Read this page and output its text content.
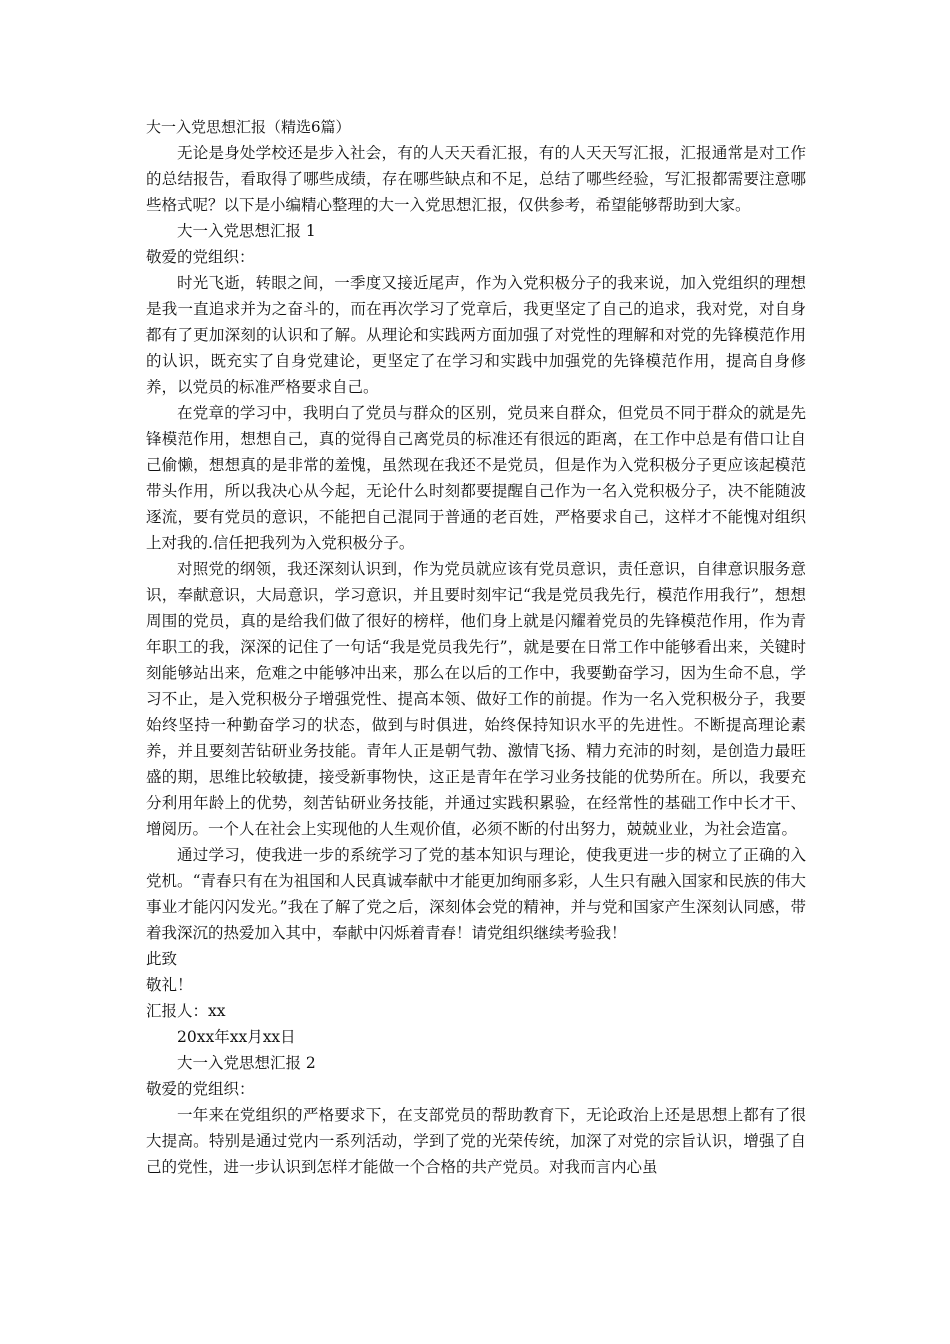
大一入党思想汇报（精选6篇）

无论是身处学校还是步入社会，有的人天天看汇报，有的人天天写汇报，汇报通常是对工作的总结报告，看取得了哪些成绩，存在哪些缺点和不足，总结了哪些经验，写汇报都需要注意哪些格式呢？以下是小编精心整理的大一入党思想汇报，仅供参考，希望能够帮助到大家。

大一入党思想汇报 1

敬爱的党组织：

时光飞逝，转眼之间，一季度又接近尾声，作为入党积极分子的我来说，加入党组织的理想是我一直追求并为之奋斗的，而在再次学习了党章后，我更坚定了自己的追求，我对党，对自身都有了更加深刻的认识和了解。从理论和实践两方面加强了对党性的理解和对党的先锋模范作用的认识，既充实了自身党建论，更坚定了在学习和实践中加强党的先锋模范作用，提高自身修养，以党员的标准严格要求自己。

在党章的学习中，我明白了党员与群众的区别，党员来自群众，但党员不同于群众的就是先锋模范作用，想想自己，真的觉得自己离党员的标准还有很远的距离，在工作中总是有借口让自己偷懒，想想真的是非常的羞愧，虽然现在我还不是党员，但是作为入党积极分子更应该起模范带头作用，所以我决心从今起，无论什么时刻都要提醒自己作为一名入党积极分子，决不能随波逐流，要有党员的意识，不能把自己混同于普通的老百姓，严格要求自己，这样才不能愧对组织上对我的.信任把我列为入党积极分子。

对照党的纲领，我还深刻认识到，作为党员就应该有党员意识，责任意识，自律意识服务意识，奉献意识，大局意识，学习意识，并且要时刻牢记“我是党员我先行，模范作用我行”，想想周围的党员，真的是给我们做了很好的榜样，他们身上就是闪耀着党员的先锋模范作用，作为青年职工的我，深深的记住了一句话“我是党员我先行”，就是要在日常工作中能够看出来，关键时刻能够站出来，危难之中能够冲出来，那么在以后的工作中，我要勤奋学习，因为生命不息，学习不止，是入党积极分子增强党性、提高本领、做好工作的前提。作为一名入党积极分子，我要始终坚持一种勤奋学习的状态，做到与时俱进，始终保持知识水平的先进性。不断提高理论素养，并且要刻苦钻研业务技能。青年人正是朝气勃、激情飞扬、精力充沛的时刻，是创造力最旺盛的期，思维比较敏捷，接受新事物快，这正是青年在学习业务技能的优势所在。所以，我要充分利用年龄上的优势，刻苦钻研业务技能，并通过实践积累验，在经常性的基础工作中长才干、增阅历。一个人在社会上实现他的人生观价值，必须不断的付出努力，兢兢业业，为社会造富。

通过学习，使我进一步的系统学习了党的基本知识与理论，使我更进一步的树立了正确的入党机。“青春只有在为祖国和人民真诚奉献中才能更加绚丽多彩，人生只有融入国家和民族的伟大事业才能闪闪发光。”我在了解了党之后，深刻体会党的精神，并与党和国家产生深刻认同感，带着我深沉的热爱加入其中，奉献中闪烁着青春！请党组织继续考验我！

此致

敬礼！

汇报人：xx

20xx年xx月xx日

大一入党思想汇报 2

敬爱的党组织：

一年来在党组织的严格要求下，在支部党员的帮助教育下，无论政治上还是思想上都有了很大提高。特别是通过党内一系列活动，学到了党的光荣传统，加深了对党的宗旨认识，增强了自己的党性，进一步认识到怎样才能做一个合格的共产党员。对我而言内心虽
